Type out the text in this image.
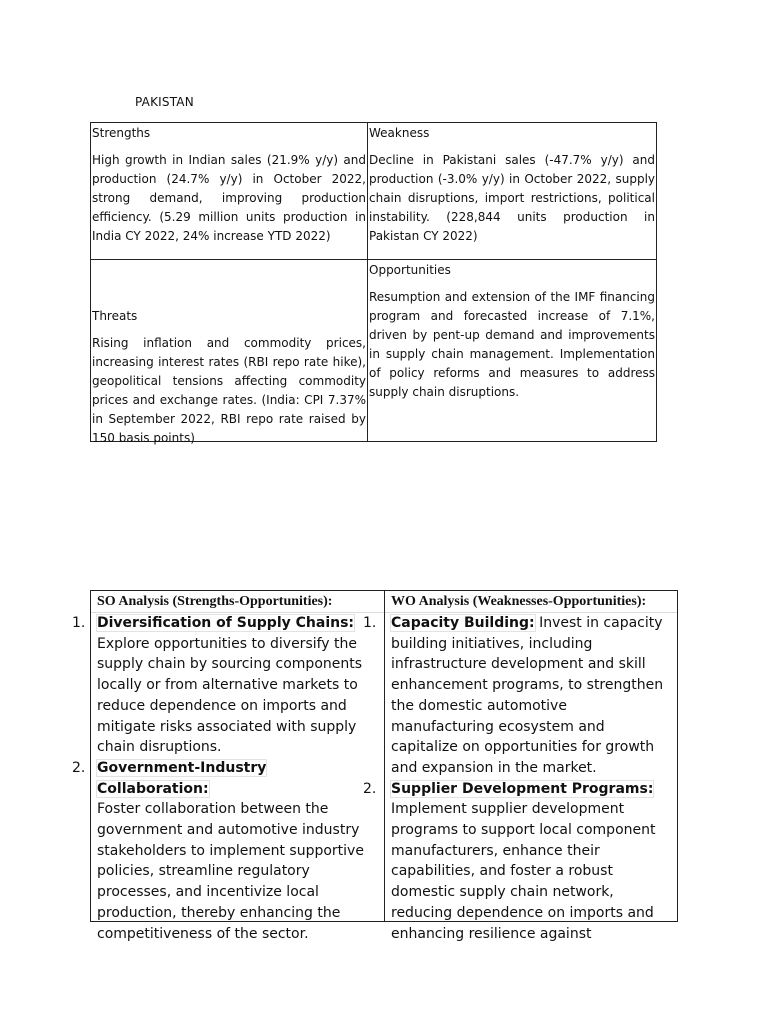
PAKISTAN
Strengths
High growth in Indian sales (21.9% y/y) and production (24.7% y/y) in October 2022, strong demand, improving production efficiency. (5.29 million units production in India CY 2022, 24% increase YTD 2022)
Weakness
Decline in Pakistani sales (-47.7% y/y) and production (-3.0% y/y) in October 2022, supply chain disruptions, import restrictions, political instability. (228,844 units production in Pakistan CY 2022)
Threats
Rising inflation and commodity prices, increasing interest rates (RBI repo rate hike), geopolitical tensions affecting commodity prices and exchange rates. (India: CPI 7.37% in September 2022, RBI repo rate raised by 150 basis points)
Opportunities
Resumption and extension of the IMF financing program and forecasted increase of 7.1%, driven by pent-up demand and improvements in supply chain management. Implementation of policy reforms and measures to address supply chain disruptions.
SO Analysis (Strengths-Opportunities):
1. Diversification of Supply Chains:
Explore opportunities to diversify the supply chain by sourcing components locally or from alternative markets to reduce dependence on imports and mitigate risks associated with supply chain disruptions.
2. Government-Industry Collaboration:
Foster collaboration between the government and automotive industry stakeholders to implement supportive policies, streamline regulatory processes, and incentivize local production, thereby enhancing the competitiveness of the sector.
WO Analysis (Weaknesses-Opportunities):
1. Capacity Building: Invest in capacity building initiatives, including infrastructure development and skill enhancement programs, to strengthen the domestic automotive manufacturing ecosystem and capitalize on opportunities for growth and expansion in the market.
2. Supplier Development Programs:
Implement supplier development programs to support local component manufacturers, enhance their capabilities, and foster a robust domestic supply chain network, reducing dependence on imports and enhancing resilience against
